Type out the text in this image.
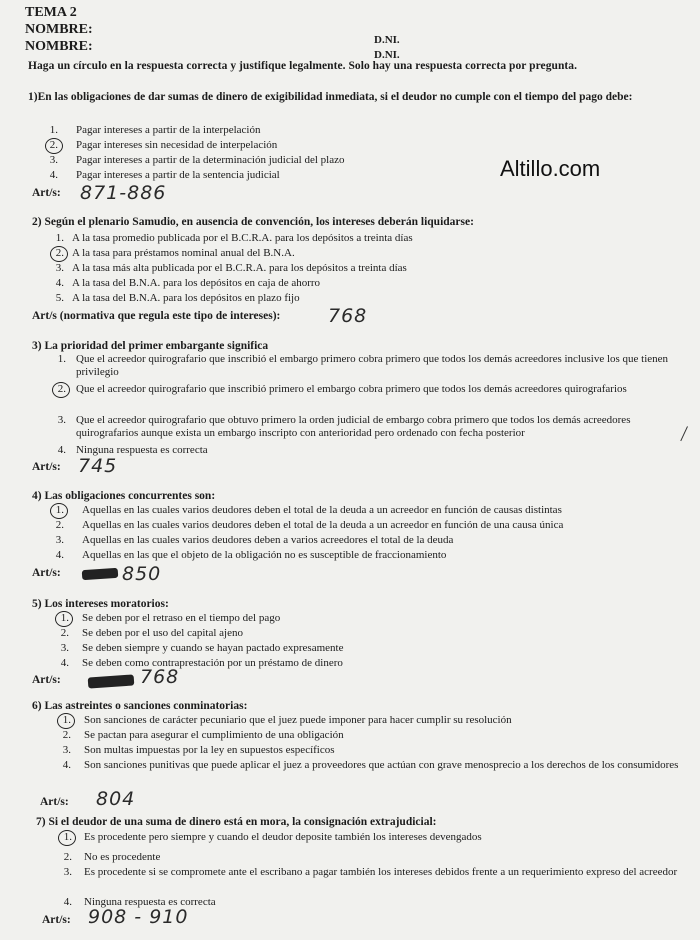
TEMA 2
NOMBRE:
NOMBRE:	D.NI.
D.NI.
Haga un círculo en la respuesta correcta y justifique legalmente. Solo hay una respuesta correcta por pregunta.
Altillo.com
1)En las obligaciones de dar sumas de dinero de exigibilidad inmediata, si el deudor no cumple con el tiempo del pago debe:
1. Pagar intereses a partir de la interpelación
2. Pagar intereses sin necesidad de interpelación
3. Pagar intereses a partir de la determinación judicial del plazo
4. Pagar intereses a partir de la sentencia judicial
Art/s: 871-886
2) Según el plenario Samudio, en ausencia de convención, los intereses deberán liquidarse:
1. A la tasa promedio publicada por el B.C.R.A. para los depósitos a treinta días
2. A la tasa para préstamos nominal anual del B.N.A.
3. A la tasa más alta publicada por el B.C.R.A. para los depósitos a treinta días
4. A la tasa del B.N.A. para los depósitos en caja de ahorro
5. A la tasa del B.N.A. para los depósitos en plazo fijo
Art/s (normativa que regula este tipo de intereses):	768
3) La prioridad del primer embargante significa
1. Que el acreedor quirografario que inscribió el embargo primero cobra primero que todos los demás acreedores inclusive los que tienen privilegio
2. Que el acreedor quirografario que inscribió primero el embargo cobra primero que todos los demás acreedores quirografarios
3. Que el acreedor quirografario que obtuvo primero la orden judicial de embargo cobra primero que todos los demás acreedores quirografarios aunque exista un embargo inscripto con anterioridad pero ordenado con fecha posterior
4. Ninguna respuesta es correcta
Art/s: 745
4) Las obligaciones concurrentes son:
1. Aquellas en las cuales varios deudores deben el total de la deuda a un acreedor en función de causas distintas
2. Aquellas en las cuales varios deudores deben el total de la deuda a un acreedor en función de una causa única
3. Aquellas en las cuales varios deudores deben a varios acreedores el total de la deuda
4. Aquellas en las que el objeto de la obligación no es susceptible de fraccionamiento
Art/s:	850
5) Los intereses moratorios:
1. Se deben por el retraso en el tiempo del pago
2. Se deben por el uso del capital ajeno
3. Se deben siempre y cuando se hayan pactado expresamente
4. Se deben como contraprestación por un préstamo de dinero
Art/s:	768
6) Las astreintes o sanciones conminatorias:
1. Son sanciones de carácter pecuniario que el juez puede imponer para hacer cumplir su resolución
2. Se pactan para asegurar el cumplimiento de una obligación
3. Son multas impuestas por la ley en supuestos específicos
4. Son sanciones punitivas que puede aplicar el juez a proveedores que actúan con grave menosprecio a los derechos de los consumidores
Art/s: 804
7) Si el deudor de una suma de dinero está en mora, la consignación extrajudicial:
1. Es procedente pero siempre y cuando el deudor deposite también los intereses devengados
2. No es procedente
3. Es procedente si se compromete ante el escribano a pagar también los intereses debidos frente a un requerimiento expreso del acreedor
4. Ninguna respuesta es correcta
Art/s: 908 - 910
